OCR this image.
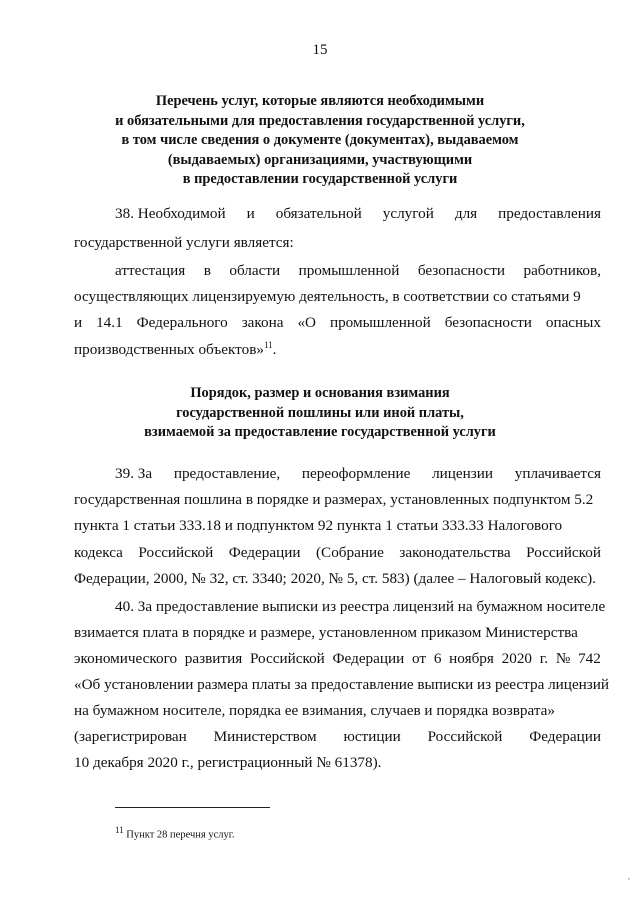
15
Перечень услуг, которые являются необходимыми
и обязательными для предоставления государственной услуги,
в том числе сведения о документе (документах), выдаваемом
(выдаваемых) организациями, участвующими
в предоставлении государственной услуги
38. Необходимой и обязательной услугой для предоставления
государственной услуги является:
аттестация в области промышленной безопасности работников,
осуществляющих лицензируемую деятельность, в соответствии со статьями 9
и 14.1 Федерального закона «О промышленной безопасности опасных
производственных объектов»$^{11}$.
Порядок, размер и основания взимания
государственной пошлины или иной платы,
взимаемой за предоставление государственной услуги
39. За предоставление, переоформление лицензии уплачивается
государственная пошлина в порядке и размерах, установленных подпунктом 5.2
пункта 1 статьи 333.18 и подпунктом 92 пункта 1 статьи 333.33 Налогового
кодекса Российской Федерации (Собрание законодательства Российской
Федерации, 2000, № 32, ст. 3340; 2020, № 5, ст. 583) (далее – Налоговый кодекс).
40. За предоставление выписки из реестра лицензий на бумажном носителе
взимается плата в порядке и размере, установленном приказом Министерства
экономического развития Российской Федерации от 6 ноября 2020 г. № 742
«Об установлении размера платы за предоставление выписки из реестра лицензий
на бумажном носителе, порядка ее взимания, случаев и порядка возврата»
(зарегистрирован Министерством юстиции Российской Федерации
10 декабря 2020 г., регистрационный № 61378).
$^{11}$ Пункт 28 перечня услуг.
,
